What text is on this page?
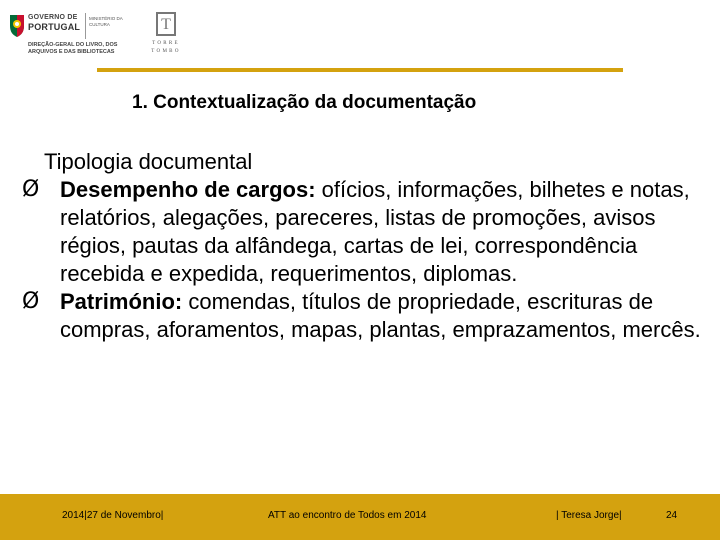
GOVERNO DE
PORTUGAL
MINISTÉRIO DA CULTURA
DIREÇÃO-GERAL DO LIVRO, DOS ARQUIVOS E DAS BIBLIOTECAS
T
TORRE TOMBO
1. Contextualização da documentação
Tipologia documental
Ø Desempenho de cargos: ofícios, informações, bilhetes e notas, relatórios, alegações, pareceres, listas de promoções, avisos régios, pautas da alfândega, cartas de lei, correspondência recebida e expedida, requerimentos, diplomas.
Ø Património: comendas, títulos de propriedade, escrituras de compras, aforamentos, mapas, plantas, emprazamentos, mercês.
2014|27 de Novembro|	ATT ao encontro de Todos em 2014	| Teresa Jorge|	24
